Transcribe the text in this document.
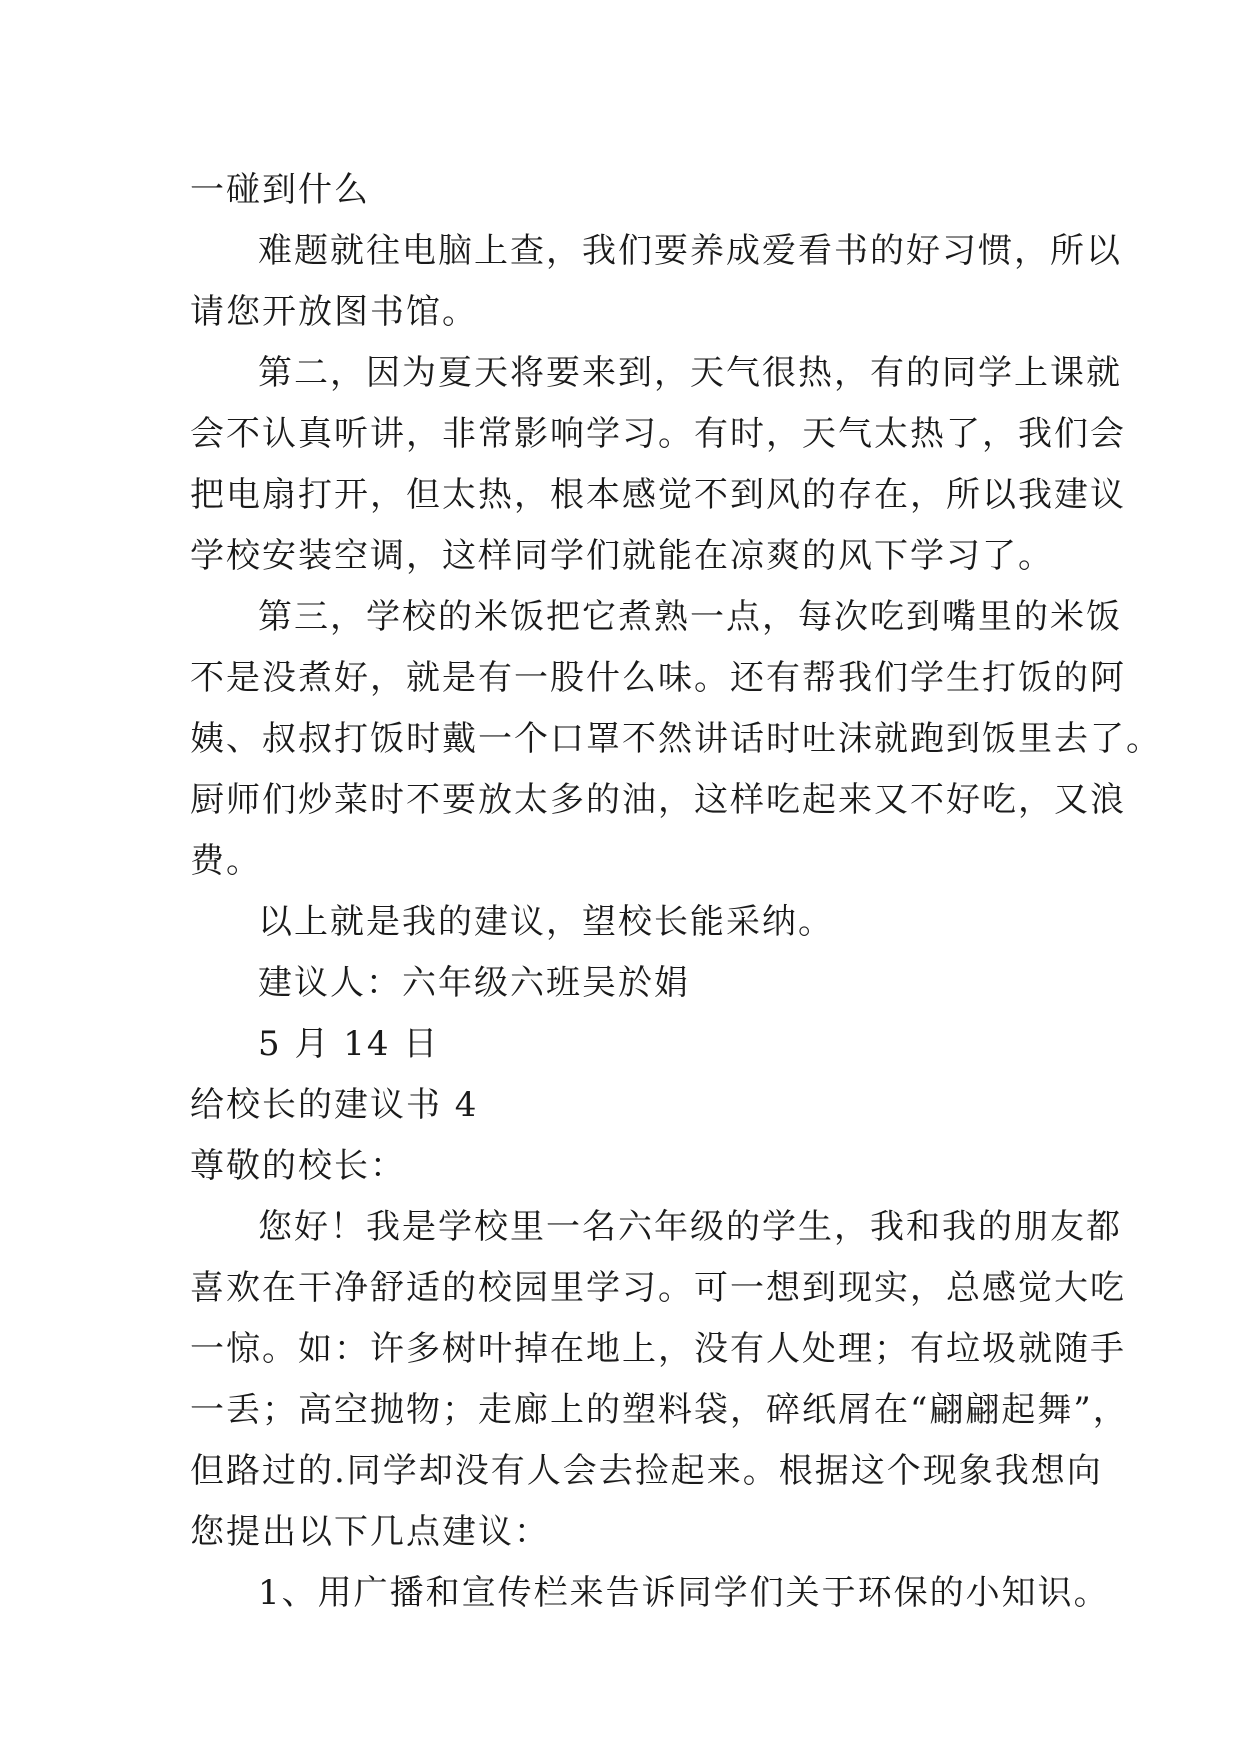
一碰到什么
难题就往电脑上查，我们要养成爱看书的好习惯，所以
请您开放图书馆。
第二，因为夏天将要来到，天气很热，有的同学上课就
会不认真听讲，非常影响学习。有时，天气太热了，我们会
把电扇打开，但太热，根本感觉不到风的存在，所以我建议
学校安装空调，这样同学们就能在凉爽的风下学习了。
第三，学校的米饭把它煮熟一点，每次吃到嘴里的米饭
不是没煮好，就是有一股什么味。还有帮我们学生打饭的阿
姨、叔叔打饭时戴一个口罩不然讲话时吐沫就跑到饭里去了。
厨师们炒菜时不要放太多的油，这样吃起来又不好吃，又浪
费。
以上就是我的建议，望校长能采纳。
建议人：六年级六班吴於娟
5 月 14 日
给校长的建议书 4
尊敬的校长：
您好！我是学校里一名六年级的学生，我和我的朋友都
喜欢在干净舒适的校园里学习。可一想到现实，总感觉大吃
一惊。如：许多树叶掉在地上，没有人处理；有垃圾就随手
一丢；高空抛物；走廊上的塑料袋，碎纸屑在“翩翩起舞”，
但路过的.同学却没有人会去捡起来。根据这个现象我想向
您提出以下几点建议：
1、用广播和宣传栏来告诉同学们关于环保的小知识。
